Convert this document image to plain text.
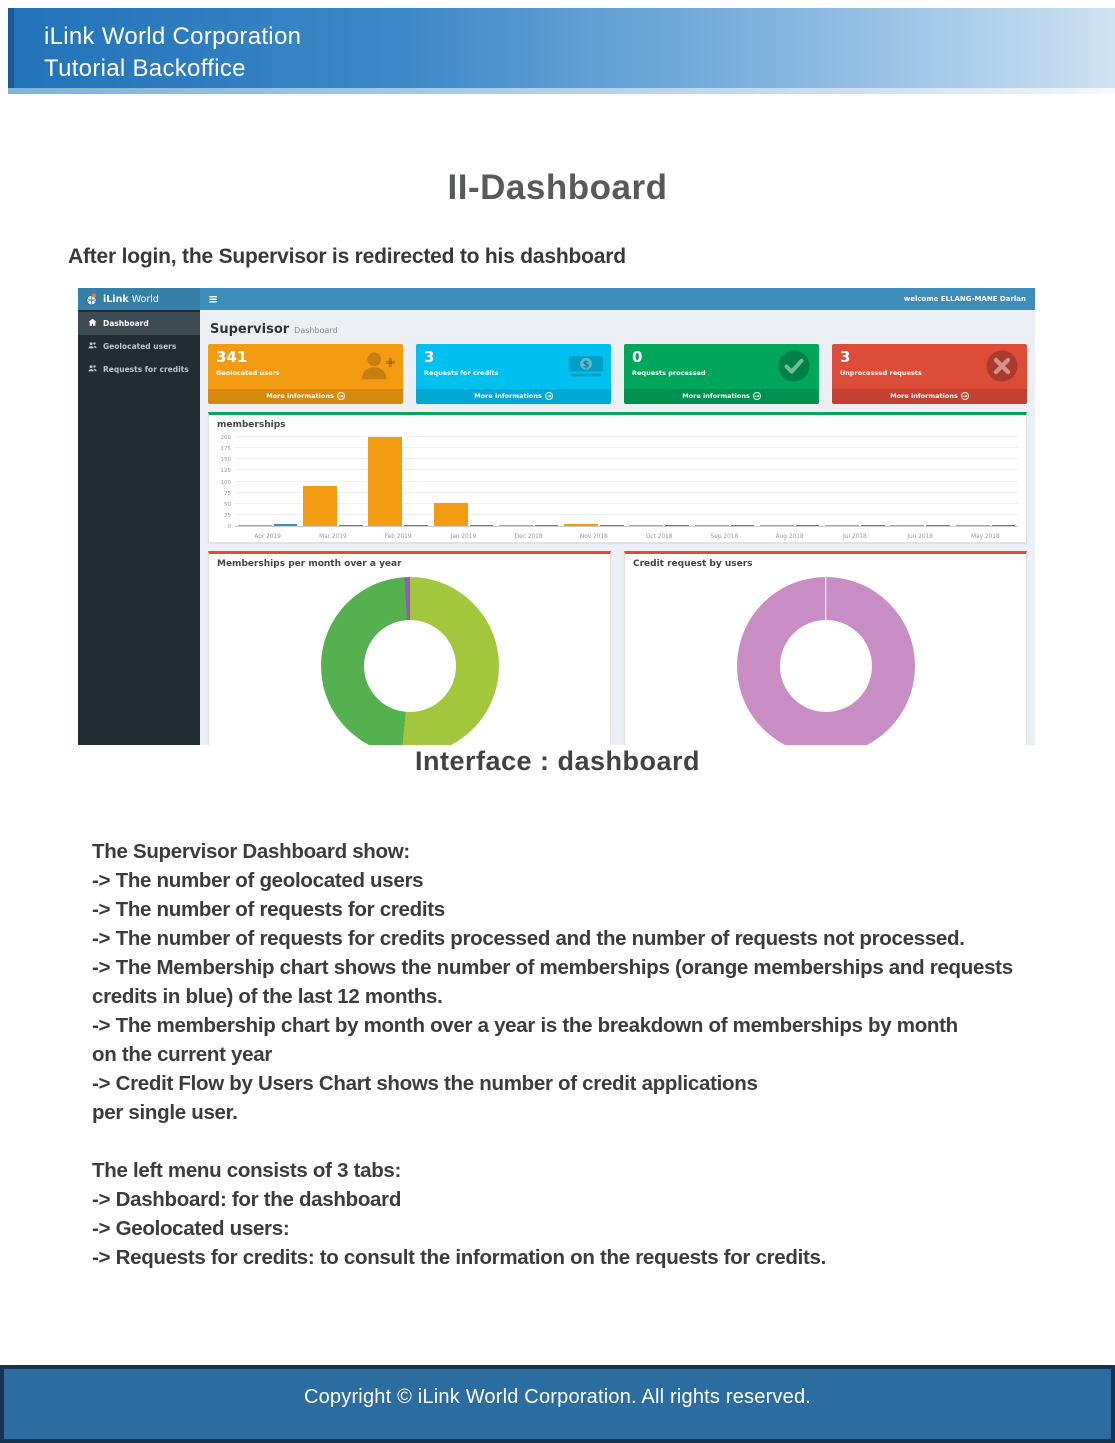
iLink World Corporation
Tutorial Backoffice
II-Dashboard

After login, the Supervisor is redirected to his dashboard

iLink World	≡	welcome ELLANG-MANE Darlan
Dashboard
Geolocated users
Requests for credits
Supervisor Dashboard
341
Geolocated users
More informations →
3
Requests for credits
$
More informations →
0
Requests processed
More informations →
3
Unprocessed requests
More informations →
memberships
0
25
50
75
100
125
150
175
200
Apr 2019	Mar 2019	Feb 2019	Jan 2019	Dec 2018	Nov 2018	Oct 2018	Sep 2018	Aug 2018	Jul 2018	Jun 2018	May 2018
Memberships per month over a year	Credit request by users
Interface : dashboard
The Supervisor Dashboard show:
-> The number of geolocated users
-> The number of requests for credits
-> The number of requests for credits processed and the number of requests not processed.
-> The Membership chart shows the number of memberships (orange memberships and requests
credits in blue) of the last 12 months.
-> The membership chart by month over a year is the breakdown of memberships by month
on the current year
-> Credit Flow by Users Chart shows the number of credit applications
per single user.

The left menu consists of 3 tabs:
-> Dashboard: for the dashboard
-> Geolocated users:
-> Requests for credits: to consult the information on the requests for credits.
Copyright © iLink World Corporation. All rights reserved.
